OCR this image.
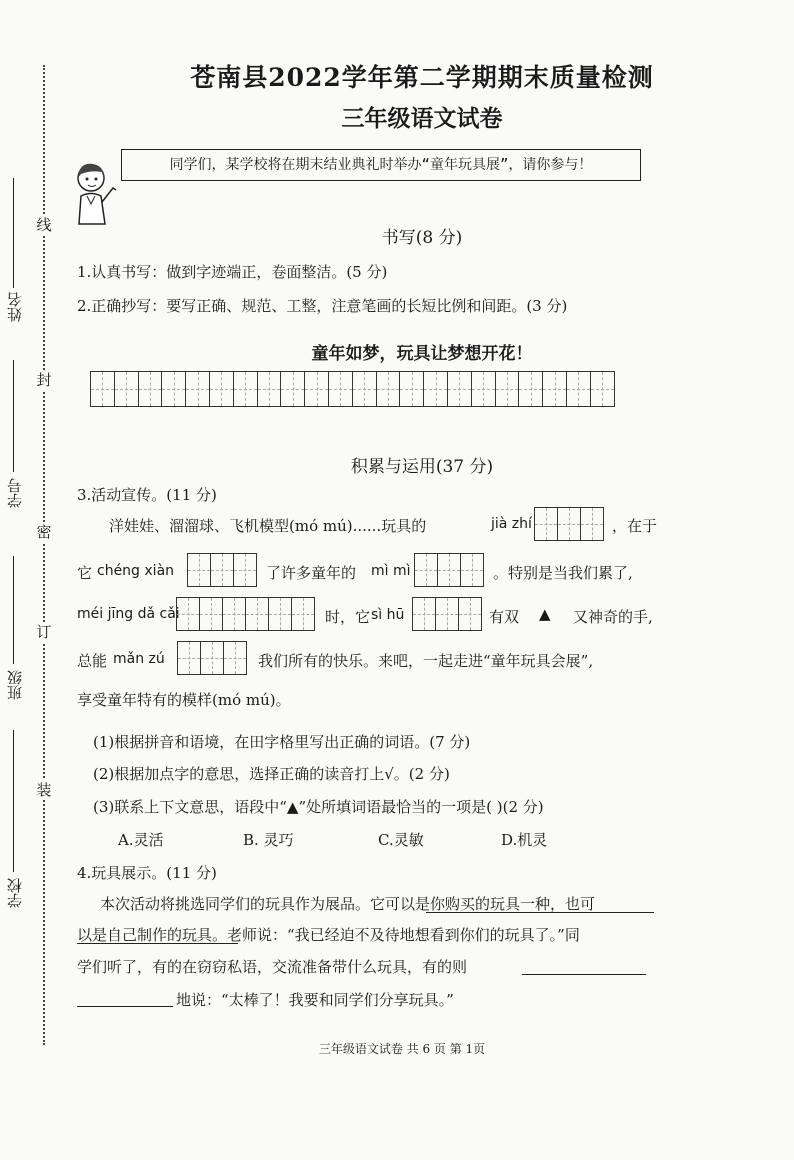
线
封
密
订
装
姓名
学号
班级
学校
苍南县2022学年第二学期期末质量检测
三年级语文试卷
同学们，某学校将在期末结业典礼时举办“童年玩具展”，请你参与！
书写(8 分)
1.认真书写：做到字迹端正，卷面整洁。(5 分)
2.正确抄写：要写正确、规范、工整，注意笔画的长短比例和间距。(3 分)
童年如梦，玩具让梦想开花！
积累与运用(37 分)
3.活动宣传。(11 分)
洋娃娃、溜溜球、飞机模型(mó mú)......玩具的	jià zhí	，在于
它 chéng xiàn	了许多童年的 mì mì	。特别是当我们累了,
méi jīng dǎ cǎi	时，它 sì hū	有双 ▲ 又神奇的手,
总能 mǎn zú	我们所有的快乐。来吧，一起走进“童年玩具会展”,
享受童年特有的模样(mó mú)。
(1)根据拼音和语境，在田字格里写出正确的词语。(7 分)
(2)根据加点字的意思，选择正确的读音打上√。(2 分)
(3)联系上下文意思，语段中“▲”处所填词语最恰当的一项是( )(2 分)
A.灵活	B. 灵巧	C.灵敏	D.机灵
4.玩具展示。(11 分)
本次活动将挑选同学们的玩具作为展品。它可以是你购买的玩具一种，也可
以是自己制作的玩具。老师说：“我已经迫不及待地想看到你们的玩具了。”同
学们听了，有的在窃窃私语，交流准备带什么玩具，有的则
地说：“太棒了！我要和同学们分享玩具。”
三年级语文试卷 共 6 页 第 1页
